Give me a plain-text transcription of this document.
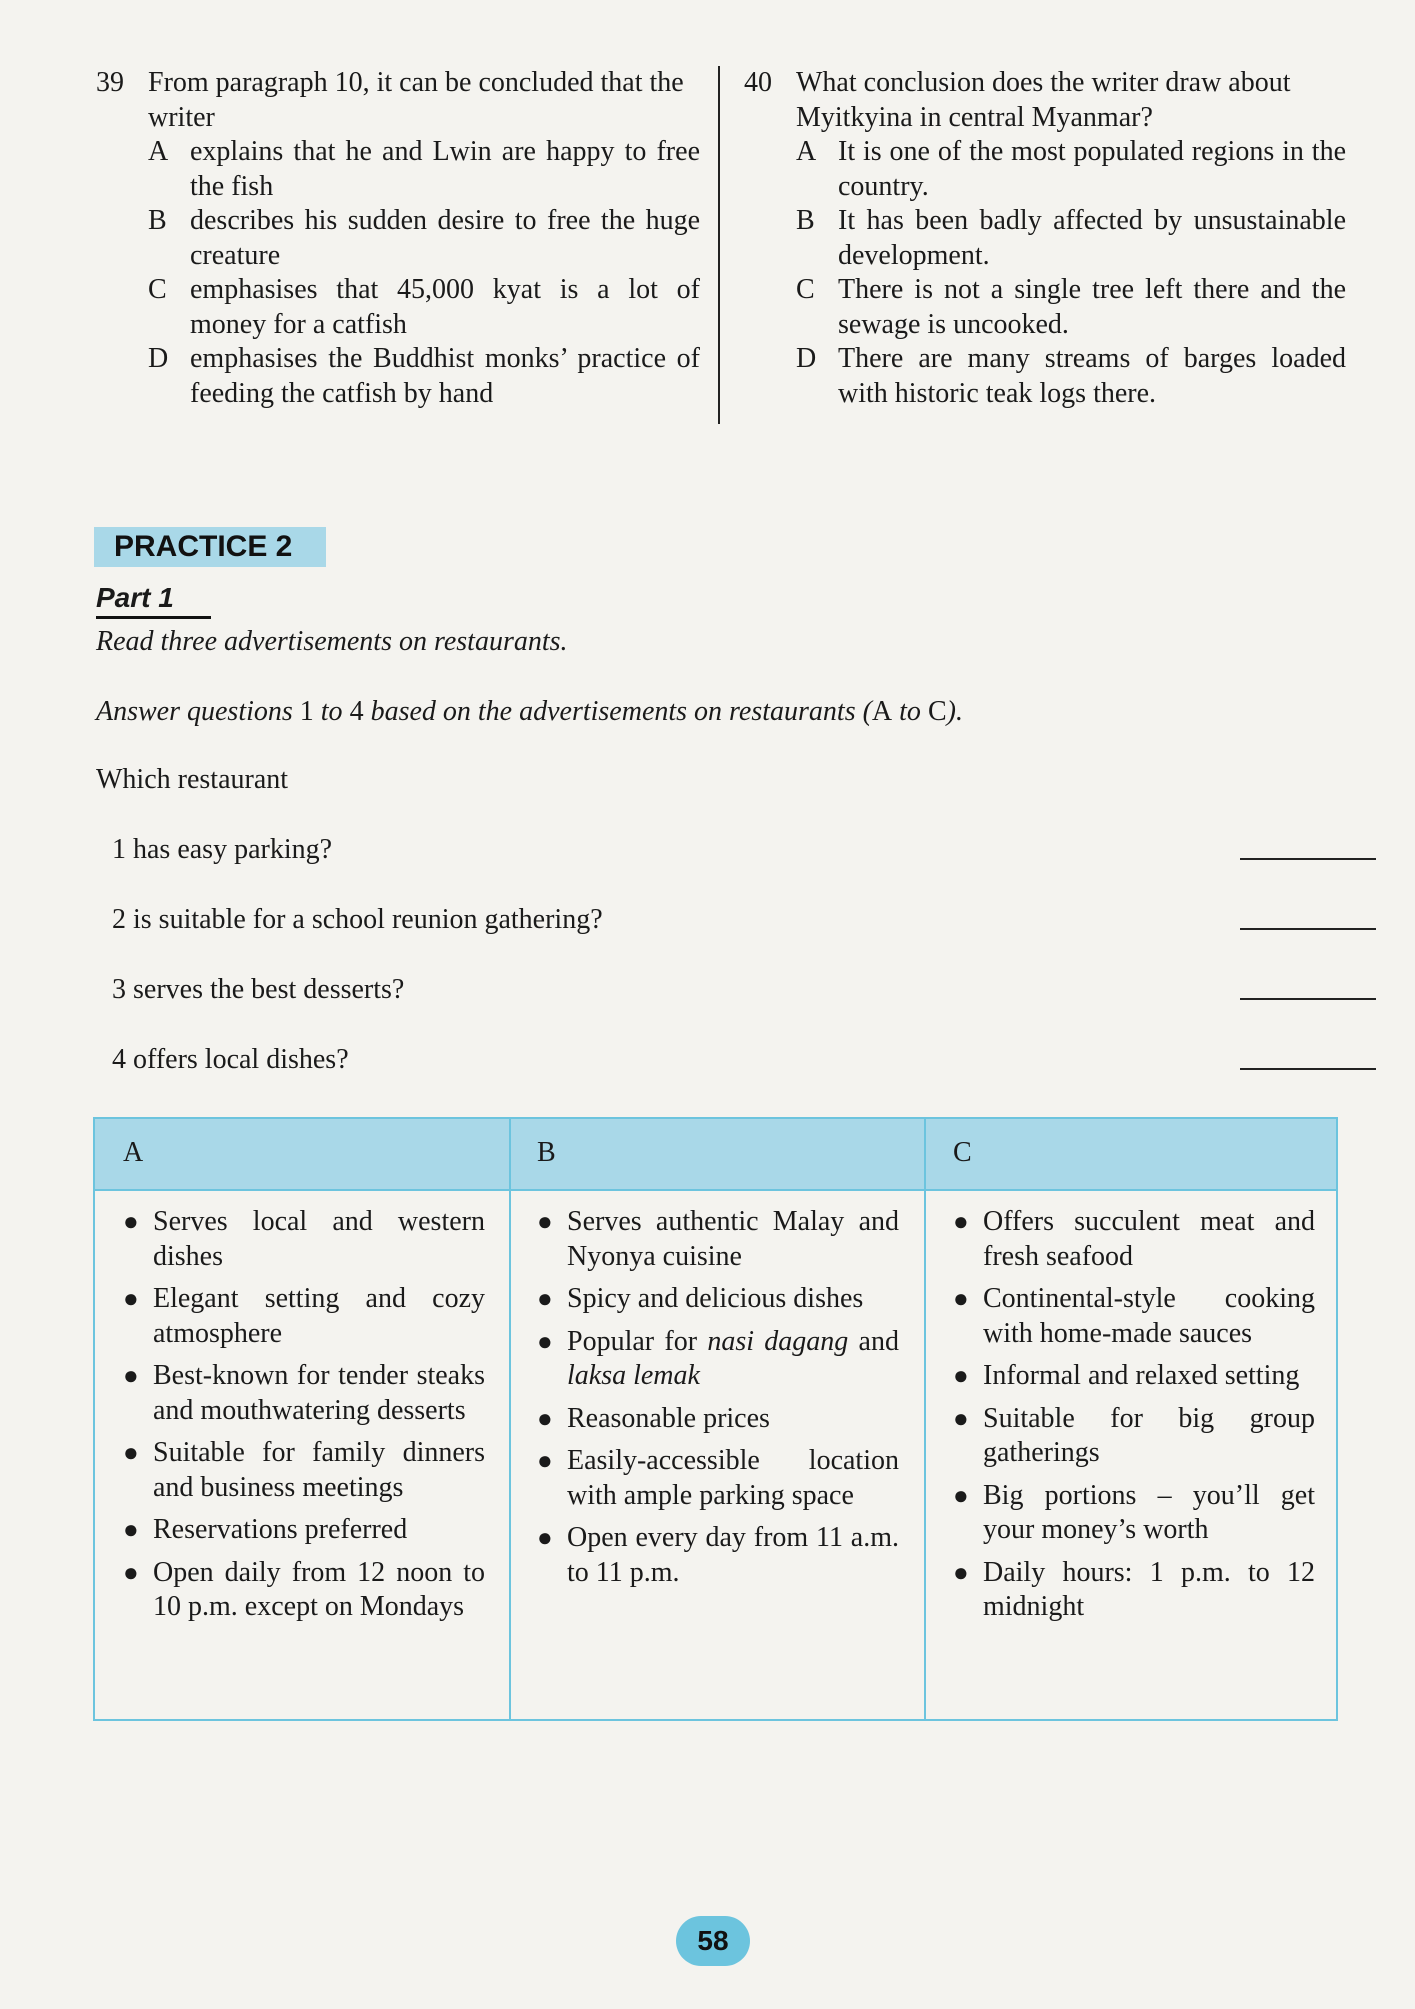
39 From paragraph 10, it can be concluded that the writer
A explains that he and Lwin are happy to free the fish
B describes his sudden desire to free the huge creature
C emphasises that 45,000 kyat is a lot of money for a catfish
D emphasises the Buddhist monks’ practice of feeding the catfish by hand
40 What conclusion does the writer draw about Myitkyina in central Myanmar?
A It is one of the most populated regions in the country.
B It has been badly affected by unsustainable development.
C There is not a single tree left there and the sewage is uncooked.
D There are many streams of barges loaded with historic teak logs there.
PRACTICE 2
Part 1
Read three advertisements on restaurants.
Answer questions 1 to 4 based on the advertisements on restaurants (A to C).
Which restaurant
1 has easy parking?
2 is suitable for a school reunion gathering?
3 serves the best desserts?
4 offers local dishes?
A	B	C
● Serves local and western dishes
● Elegant setting and cozy atmosphere
● Best-known for tender steaks and mouthwatering desserts
● Suitable for family dinners and business meetings
● Reservations preferred
● Open daily from 12 noon to 10 p.m. except on Mondays
● Serves authentic Malay and Nyonya cuisine
● Spicy and delicious dishes
● Popular for nasi dagang and laksa lemak
● Reasonable prices
● Easily-accessible location with ample parking space
● Open every day from 11 a.m. to 11 p.m.
● Offers succulent meat and fresh seafood
● Continental-style cooking with home-made sauces
● Informal and relaxed setting
● Suitable for big group gatherings
● Big portions – you’ll get your money’s worth
● Daily hours: 1 p.m. to 12 midnight
58
